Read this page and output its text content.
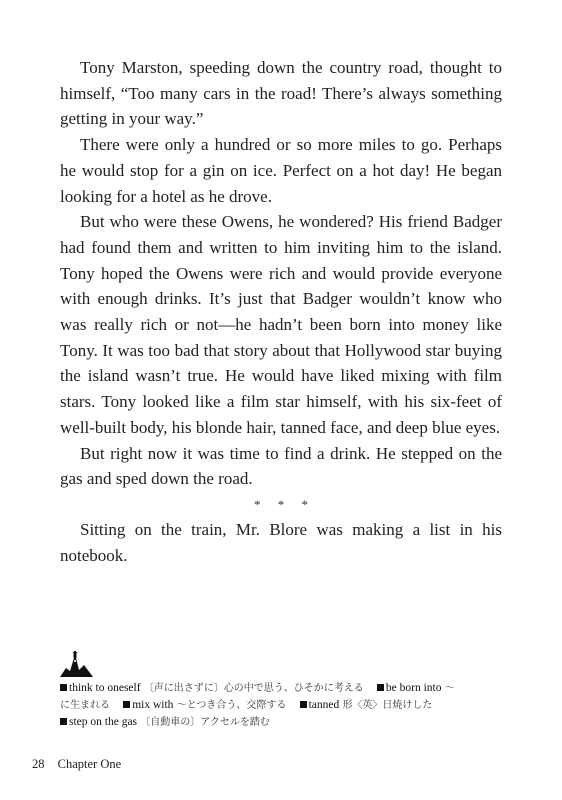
Tony Marston, speeding down the country road, thought to himself, “Too many cars in the road! There’s always something getting in your way.”

There were only a hundred or so more miles to go. Perhaps he would stop for a gin on ice. Perfect on a hot day! He began looking for a hotel as he drove.

But who were these Owens, he wondered? His friend Badger had found them and written to him inviting him to the island. Tony hoped the Owens were rich and would provide everyone with enough drinks. It’s just that Badger wouldn’t know who was really rich or not—he hadn’t been born into money like Tony. It was too bad that story about that Hollywood star buying the island wasn’t true. He would have liked mixing with film stars. Tony looked like a film star himself, with his six-feet of well-built body, his blonde hair, tanned face, and deep blue eyes.

But right now it was time to find a drink. He stepped on the gas and sped down the road.

* * *

Sitting on the train, Mr. Blore was making a list in his notebook.

think to oneself 〔声に出さずに〕心の中で思う、ひそかに考える be born into ～
に生まれる mix with ～とつき合う、交際する tanned 形〈英〉日焼けした
step on the gas 〔自動車の〕アクセルを踏む
28 Chapter One
